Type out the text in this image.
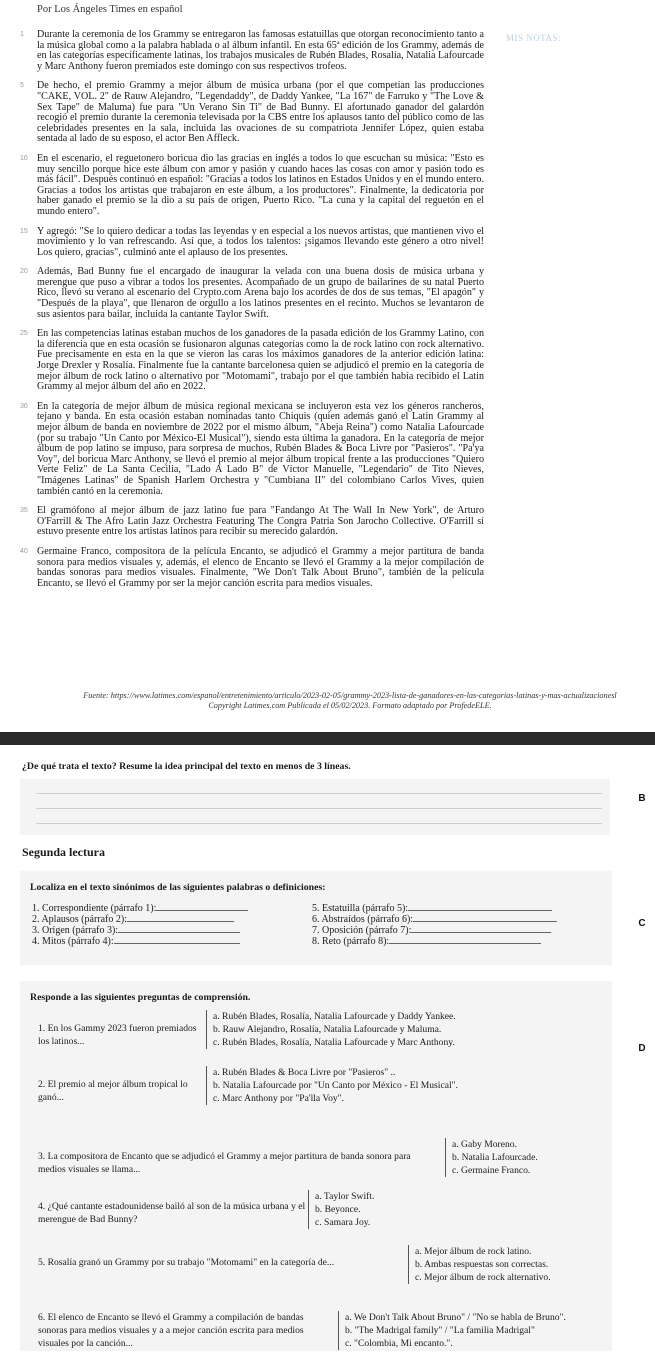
Por Los Ángeles Times en español
MIS NOTAS:
1 Durante la ceremonia de los Grammy se entregaron las famosas estatuillas que otorgan reconocimiento tanto a la música global como a la palabra hablada o al álbum infantil. En esta 65ª edición de los Grammy, además de en las categorías específicamente latinas, los trabajos musicales de Rubén Blades, Rosalía, Natalia Lafourcade y Marc Anthony fueron premiados este domingo con sus respectivos trofeos.
5 De hecho, el premio Grammy a mejor álbum de música urbana (por el que competían las producciones "CAKE, VOL. 2" de Rauw Alejandro, "Legendaddy", de Daddy Yankee, "La 167" de Farruko y "The Love & Sex Tape" de Maluma) fue para "Un Verano Sin Ti" de Bad Bunny. El afortunado ganador del galardón recogió el premio durante la ceremonia televisada por la CBS entre los aplausos tanto del público como de las celebridades presentes en la sala, incluida las ovaciones de su compatriota Jennifer López, quien estaba sentada al lado de su esposo, el actor Ben Affleck.
10 En el escenario, el reguetonero boricua dio las gracias en inglés a todos lo que escuchan su música: "Esto es muy sencillo porque hice este álbum con amor y pasión y cuando haces las cosas con amor y pasión todo es más fácil". Después continuó en español: "Gracias a todos los latinos en Estados Unidos y en el mundo entero. Gracias a todos los artistas que trabajaron en este álbum, a los productores". Finalmente, la dedicatoria por haber ganado el premio se la dio a su país de origen, Puerto Rico. "La cuna y la capital del reguetón en el mundo entero".
15 Y agregó: "Se lo quiero dedicar a todas las leyendas y en especial a los nuevos artistas, que mantienen vivo el movimiento y lo van refrescando. Así que, a todos los talentos: ¡sigamos llevando este género a otro nivel! Los quiero, gracias", culminó ante el aplauso de los presentes.
20 Además, Bad Bunny fue el encargado de inaugurar la velada con una buena dosis de música urbana y merengue que puso a vibrar a todos los presentes. Acompañado de un grupo de bailarines de su natal Puerto Rico, llevó su verano al escenario del Crypto.com Arena bajo los acordes de dos de sus temas, "El apagón" y "Después de la playa", que llenaron de orgullo a los latinos presentes en el recinto. Muchos se levantaron de sus asientos para bailar, incluida la cantante Taylor Swift.
25 En las competencias latinas estaban muchos de los ganadores de la pasada edición de los Grammy Latino, con la diferencia que en esta ocasión se fusionaron algunas categorías como la de rock latino con rock alternativo. Fue precisamente en esta en la que se vieron las caras los máximos ganadores de la anterior edición latina: Jorge Drexler y Rosalía. Finalmente fue la cantante barcelonesa quien se adjudicó el premio en la categoría de mejor álbum de rock latino o alternativo por "Motomami", trabajo por el que también había recibido el Latin Grammy al mejor álbum del año en 2022.
30 En la categoría de mejor álbum de música regional mexicana se incluyeron esta vez los géneros rancheros, tejano y banda. En esta ocasión estaban nominadas tanto Chiquis (quien además ganó el Latin Grammy al mejor álbum de banda en noviembre de 2022 por el mismo álbum, "Abeja Reina") como Natalia Lafourcade (por su trabajo "Un Canto por México-El Musical"), siendo esta última la ganadora. En la categoría de mejor álbum de pop latino se impuso, para sorpresa de muchos, Rubén Blades & Boca Livre por "Pasieros". "Pa'ya Voy", del boricua Marc Anthony, se llevó el premio al mejor álbum tropical frente a las producciones "Quiero Verte Feliz" de La Santa Cecilia, "Lado A Lado B" de Víctor Manuelle, "Legendario" de Tito Nieves, "Imágenes Latinas" de Spanish Harlem Orchestra y "Cumbiana II" del colombiano Carlos Vives, quien también cantó en la ceremonia.
35 El gramófono al mejor álbum de jazz latino fue para "Fandango At The Wall In New York", de Arturo O'Farrill & The Afro Latin Jazz Orchestra Featuring The Congra Patria Son Jarocho Collective. O'Farrill sí estuvo presente entre los artistas latinos para recibir su merecido galardón.
40 Germaine Franco, compositora de la película Encanto, se adjudicó el Grammy a mejor partitura de banda sonora para medios visuales y, además, el elenco de Encanto se llevó el Grammy a la mejor compilación de bandas sonoras para medios visuales. Finalmente, "We Don't Talk About Bruno", también de la película Encanto, se llevó el Grammy por ser la mejor canción escrita para medios visuales.
Fuente: https://www.latimes.com/espanol/entretenimiento/articulo/2023-02-05/grammy-2023-lista-de-ganadores-en-las-categorias-latinas-y-mas-actualizacionesl Copyright Latimes.com Publicada el 05/02/2023. Formato adaptado por ProfedeELE.
¿De qué trata el texto? Resume la idea principal del texto en menos de 3 líneas.
B
Segunda lectura
Localiza en el texto sinónimos de las siguientes palabras o definiciones:
C
1. Correspondiente (párrafo 1):
2. Aplausos (párrafo 2):
3. Origen (párrafo 3):
4. Mitos (párrafo 4):
5. Estatuilla (párrafo 5):
6. Abstraídos (párrafo 6):
7. Oposición (párrafo 7):
8. Reto (párrafo 8):
Responde a las siguientes preguntas de comprensión.
D
1. En los Gammy 2023 fueron premiados los latinos...
a. Rubén Blades, Rosalía, Natalia Lafourcade y Daddy Yankee.
b. Rauw Alejandro, Rosalía, Natalia Lafourcade y Maluma.
c. Rubén Blades, Rosalía, Natalia Lafourcade y Marc Anthony.
2. El premio al mejor álbum tropical lo ganó...
a. Rubén Blades & Boca Livre por "Pasieros" ..
b. Natalia Lafourcade por "Un Canto por México - El Musical".
c. Marc Anthony por "Pa'lla Voy".
3. La compositora de Encanto que se adjudicó el Grammy a mejor partitura de banda sonora para medios visuales se llama...
a. Gaby Moreno.
b. Natalia Lafourcade.
c. Germaine Franco.
4. ¿Qué cantante estadounidense bailó al son de la música urbana y el merengue de Bad Bunny?
a. Taylor Swift.
b. Beyonce.
c. Samara Joy.
5. Rosalía granó un Grammy por su trabajo "Motomami" en la categoría de...
a. Mejor álbum de rock latino.
b. Ambas respuestas son correctas.
c. Mejor álbum de rock alternativo.
6. El elenco de Encanto se llevó el Grammy a compilación de bandas sonoras para medios visuales y a a mejor canción escrita para medios visuales por la canción...
a. We Don't Talk About Bruno" / "No se habla de Bruno".
b. "The Madrigal family" / "La familia Madrigal"
c. "Colombia, Mi encanto.".
